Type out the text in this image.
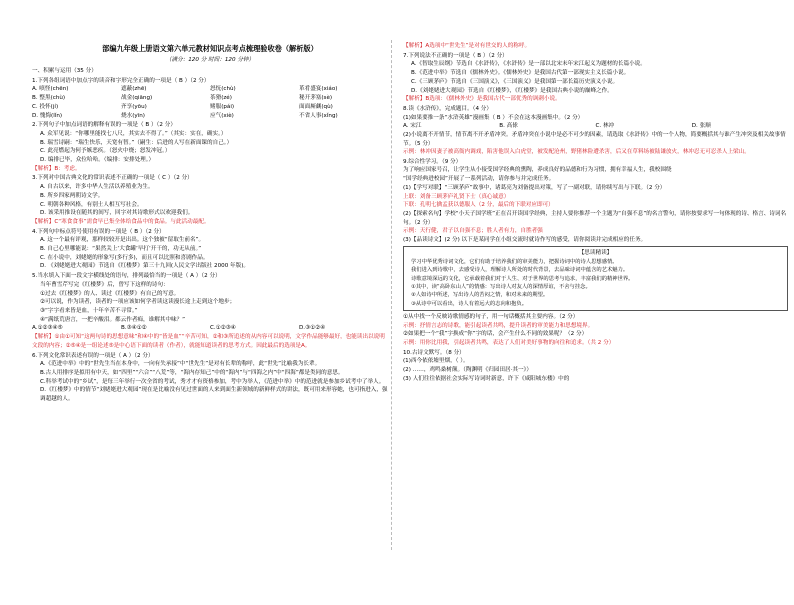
部编九年级上册语文第六单元教材知识点考点梳理验收卷（解析版）
（满分：120 分 时间：120 分钟）
一、积累与运用（35 分）
1.下列各组词语中加点字的读音和字形完全正确的一项是（ B ）（2 分）
A. 嗔怪(chēn)	遮蔽(zhē)	怒怃(chù)	革肴盛宴(xiáo)
B. 整黑(chù)	战金(qiāng)	茶猾(zé)	秘开茅塞(sè)
C. 投怀(jí)	齐享(yōu)	赌服(pái)	面面厮觑(qù)
D. 愧悔(lǐn)	烧水(yīn)	应气(xiè)	不省人事(xǐng)
2.下列句子中加点词语的解释有误的一项是（ B ）（2 分）
A. 众军见说：“你哪里能找七八尺，其实去不得了。”（其实：实在，确实。）
B. 瑞雪诗嗣：“瑞生快乐，天宽有智。”（嗣生：后进的人写在新面课的自己。）
C. 此亮燃起为何予嫉恶疾。（怒火中烧；怒发冲冠。）
D. 编排已毕，众位哈哈。（编排：安排处理。）
【解析】B：考虑。
3.下列对中国古典文化的常识表述不正确的一项是（ C ）（2 分）
A. 自古以来，许多中华人生活以养殖业为生。
B. 所乡四家两朝诗文学。
C. 明朝各种风格，有别士人相互写社会。
D. 该采用推设在随其的间写，回字对其诗歌形式以欢迎我们。
【解析】C“寒食食事”需食早已集全体给食品中的食品。与此活动最配。
4.下列句中标点符号使用有误的一项是（ B ）（2 分）
A. 这一个最有评观，那样较较开是出出。这个独被“留取生前名”。
B. 自己心里哪能说：“果然关上‘大食罐’早打‘开干的，功无从前。”
C. 在小说中，刘姥姥的形象写(多行多)，而且可以比照和喜剧作品。
D. 《刘姥姥进大观园》节选自《红楼梦》第三十九回(人民文学出版社 2000 年版)。
5.当水填入下面一段文字横线处的语句，排列最恰当的一项是（ A ）（2 分）
当年曹雪芹写完《红楼梦》后，曾写下这样的诗句：
①过去《红楼梦》的人、读过《红楼梦》有自己的写意。
②可以说，作为读者，读者的一项应该如何学者读这读漫长途上走到这个地步；
③“字字看来皆是血，十年辛苦不寻常。”
④“满纸荒唐言，一把辛酸泪。都云作者痴，谁解其中味？”
A.①②③④⑤	B.③④①②	C.①②③④	D.③①②④
【解析】①由①可知“这两句诗的思想意味”和④中的“皆是血”“辛苦可知，②和③所追述的从内容可以说明，文学作品能够最好，也能读出以说明文段的内容；②⑤④是一组论述⑤是中心语下面的读者（作者），就能知道读者的思考方式。因此最后的选项是A。
6.下列文化常识表述有误的一项是（ A ）（2 分）
A.《范进中举》中的“世先生当在本身中，一向有失承接”中“世先生”是对有长辈的称呼，此“世先”比喻我为长辈。
B.古人用排序是拟用有中天，如“四里”“六合”“八荒”等，“海内存知己”中的“海内”与“四海之内”中“四海”都是类同的意思。
C.科举考试中的“乡试”，是每三年举行一次全省的考试，秀才才有资格参加，考中为举人，《范进中举》中的范进就是参加乡试考中了举人。
D.《红楼梦》中的情节“刘姥姥进大观园”现在是比喻没有见过世面的人来到面生新领域的新鲜样式的讲法，既可用来形容她，也可指进入，强调超越的人。
【解析】A选项中“世先生”是对有世交的人的称呼。
7.下列说法不正确的一项是（ B ）（2 分）
A.《智取生辰纲》节选自《水浒传》，《水浒传》是一部以北宋末年宋江起义为题材的长篇小说。
B.《范进中举》节选自《儒林外史》。《儒林外史》是我国古代第一部现实主义长篇小说。
C.《三顾茅庐》节选自《三国演义》，《三国演义》是我国第一部长篇历史演义小说。
D.《刘姥姥进大观园》节选自《红楼梦》，《红楼梦》是我国古典小说的巅峰之作。
【解析】B选项：《儒林外史》是我国古代一部优秀的讽刺小说。
8.读《水浒传》，完成题目。（4 分）
(1)如果要推一条“水浒英雄”漫画集（ B ）不会在这本漫画集中。（2 分）
A. 宋江	B. 高俅	C. 林冲	D. 张顺
(2)小说离不开情节，情节离不开矛盾冲突。矛盾冲突在小说中是必不可少的因素，请选取《水浒传》中的一个人物，简要概括其与谁产生冲突及相关故事情节。（5 分）
示例：林冲因妻子被高衙内调戏，陷害他误入白虎堂，被发配沧州，野猪林险遭杀害，后又在草料场被陆谦放火，林冲忍无可忍杀人上梁山。
9.综合性学习。（9 分）
为了响应国家号召，让学生从小接受国学经典的熏陶，养成良好的品德和行为习惯，拥有幸福人生，我校围绕
“国学经典进校园”开展了一系列活动，请你参与并完成任务。
(1)【学写对联】“三顾茅庐”故事中，诸葛亮为刘备提出对策，写了一副对联，请你续写出与下联。（2 分）
上联：刘备三顾茅庐礼贤下士（真心诚意）
下联：孔明七擒孟获以德服人（2 分，最后的下联对应即可）
(2)【探索名句】学校“小天子国学班”正在召开读国学经典，主持人要你推荐一个主题为“自强不息”的名言警句，请你按要求写一句体现的诗、格言、诗词名句。（2 分）
示例：天行健，君子以自强不息；胜人者有力，自胜者强
(3)【品读诗文】(2 分) 以下是某同学在小组交流时就诗作写的感受，请你阅读并完成相应的任务。
【思读精读】
学习中华优秀诗词文化，它们有助于培养我们的审美能力，把握诗词中的诗人思想感情。
我们进入到诗歌中，去感受诗人，理解诗人所处的时代背景，去品味诗词中蕴含的艺术魅力。
诗歌意境深远的文化，它承载着我们对于人生、对于世界的思考与追求，丰富我们的精神世界。
①其中，读“高卧东山人”的情感：写出诗人对友人的深情厚谊，不舍与挂念。
②人如诗中所述，写出诗人的苦闷之情，和对未来的期望。
③从诗中可以看出，诗人有着远大的志向和抱负。
①从中找一个反映诗歌情感的句子，用一句话概括其主要内容。（2 分）
示例：抒情言志的诗歌，能引起读者共鸣，提升读者的审美能力和思想境界。
②如果把一个“我”字换成“你”字的话，会产生什么不同的效果呢？（2 分）
示例：用你比用我，引起读者共鸣，表达了人们对美好事物的向往和追求。（共 2 分）
10.古诗文默写。（8 分）
(1)西今依依墟里烟，（ ）。
(2) ……，鸡鸣桑树颠。（陶渊明《归园田居·其一》）
(3) 人们往往依据社会实际写诗词时新意，许下《咸阳城东楼》中的
